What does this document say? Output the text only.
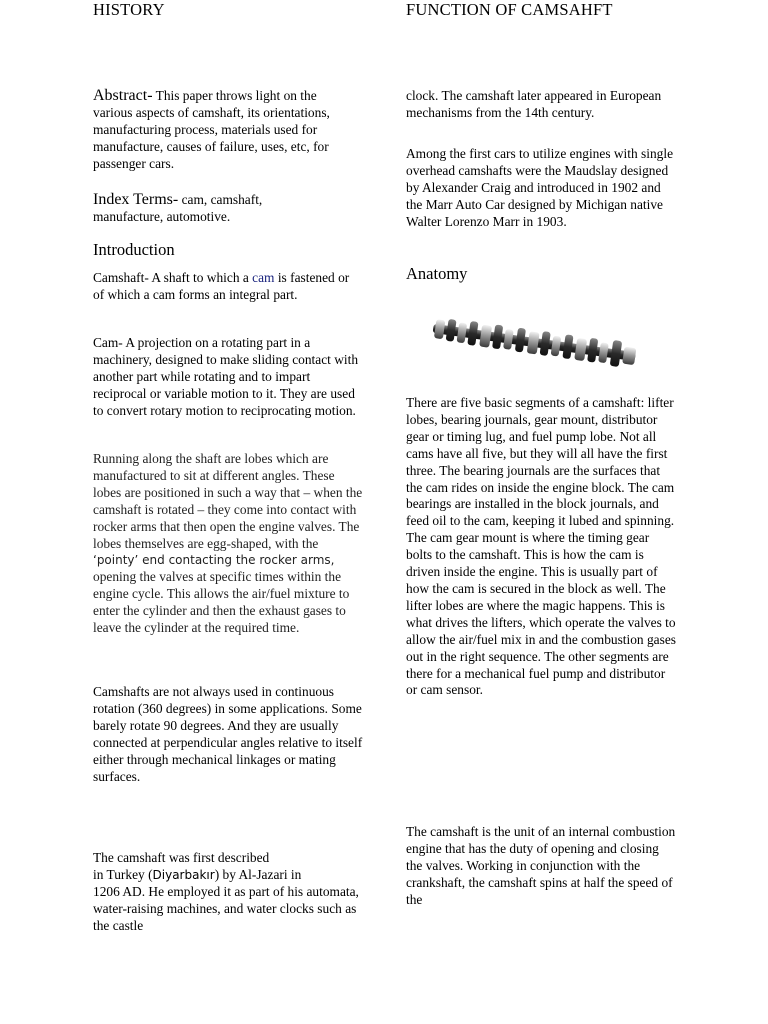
Abstract- This paper throws light on the
various aspects of camshaft, its orientations, manufacturing process, materials used for manufacture, causes of failure, uses, etc, for passenger cars.

Index Terms- cam, camshaft,
manufacture, automotive.

Introduction

Camshaft- A shaft to which a cam is fastened or of which a cam forms an integral part.

Cam- A projection on a rotating part in a machinery, designed to make sliding contact with another part while rotating and to impart reciprocal or variable motion to it. They are used to convert rotary motion to reciprocating motion.

Running along the shaft are lobes which are manufactured to sit at different angles. These lobes are positioned in such a way that – when the camshaft is rotated – they come into contact with rocker arms that then open the engine valves. The lobes themselves are egg-shaped, with the ‘pointy’ end contacting the rocker arms, opening the valves at specific times within the engine cycle. This allows the air/fuel mixture to enter the cylinder and then the exhaust gases to leave the cylinder at the required time.

Camshafts are not always used in continuous rotation (360 degrees) in some applications. Some barely rotate 90 degrees. And they are usually connected at perpendicular angles relative to itself either through mechanical linkages or mating surfaces.

HISTORY

The camshaft was first described
in Turkey (Diyarbakır) by Al-Jazari in
1206 AD. He employed it as part of his automata, water-raising machines, and water clocks such as the castle

clock. The camshaft later appeared in European mechanisms from the 14th century.

Among the first cars to utilize engines with single overhead camshafts were the Maudslay designed by Alexander Craig and introduced in 1902 and the Marr Auto Car designed by Michigan native Walter Lorenzo Marr in 1903.

Anatomy

There are five basic segments of a camshaft: lifter lobes, bearing journals, gear mount, distributor gear or timing lug, and fuel pump lobe. Not all cams have all five, but they will all have the first three. The bearing journals are the surfaces that the cam rides on inside the engine block. The cam bearings are installed in the block journals, and feed oil to the cam, keeping it lubed and spinning. The cam gear mount is where the timing gear bolts to the camshaft. This is how the cam is driven inside the engine. This is usually part of how the cam is secured in the block as well. The lifter lobes are where the magic happens. This is what drives the lifters, which operate the valves to allow the air/fuel mix in and the combustion gases out in the right sequence. The other segments are there for a mechanical fuel pump and distributor or cam sensor.

FUNCTION OF CAMSAHFT

The camshaft is the unit of an internal combustion engine that has the duty of opening and closing the valves. Working in conjunction with the crankshaft, the camshaft spins at half the speed of the
